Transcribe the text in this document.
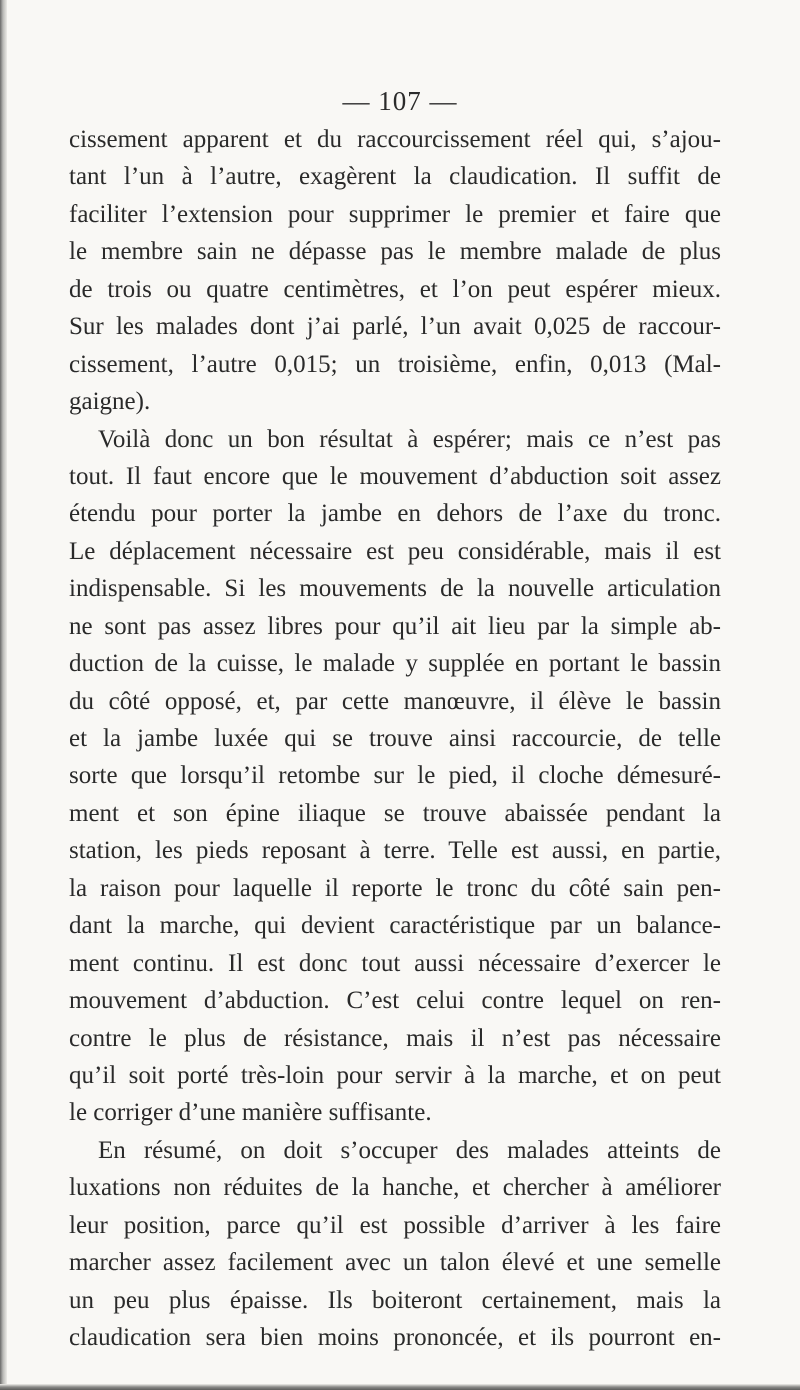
— 107 —
cissement apparent et du raccourcissement réel qui, s’ajou-
tant l’un à l’autre, exagèrent la claudication. Il suffit de
faciliter l’extension pour supprimer le premier et faire que
le membre sain ne dépasse pas le membre malade de plus
de trois ou quatre centimètres, et l’on peut espérer mieux.
Sur les malades dont j’ai parlé, l’un avait 0,025 de raccour-
cissement, l’autre 0,015; un troisième, enfin, 0,013 (Mal-
gaigne).
Voilà donc un bon résultat à espérer; mais ce n’est pas
tout. Il faut encore que le mouvement d’abduction soit assez
étendu pour porter la jambe en dehors de l’axe du tronc.
Le déplacement nécessaire est peu considérable, mais il est
indispensable. Si les mouvements de la nouvelle articulation
ne sont pas assez libres pour qu’il ait lieu par la simple ab-
duction de la cuisse, le malade y supplée en portant le bassin
du côté opposé, et, par cette manœuvre, il élève le bassin
et la jambe luxée qui se trouve ainsi raccourcie, de telle
sorte que lorsqu’il retombe sur le pied, il cloche démesuré-
ment et son épine iliaque se trouve abaissée pendant la
station, les pieds reposant à terre. Telle est aussi, en partie,
la raison pour laquelle il reporte le tronc du côté sain pen-
dant la marche, qui devient caractéristique par un balance-
ment continu. Il est donc tout aussi nécessaire d’exercer le
mouvement d’abduction. C’est celui contre lequel on ren-
contre le plus de résistance, mais il n’est pas nécessaire
qu’il soit porté très-loin pour servir à la marche, et on peut
le corriger d’une manière suffisante.
En résumé, on doit s’occuper des malades atteints de
luxations non réduites de la hanche, et chercher à améliorer
leur position, parce qu’il est possible d’arriver à les faire
marcher assez facilement avec un talon élevé et une semelle
un peu plus épaisse. Ils boiteront certainement, mais la
claudication sera bien moins prononcée, et ils pourront en-
